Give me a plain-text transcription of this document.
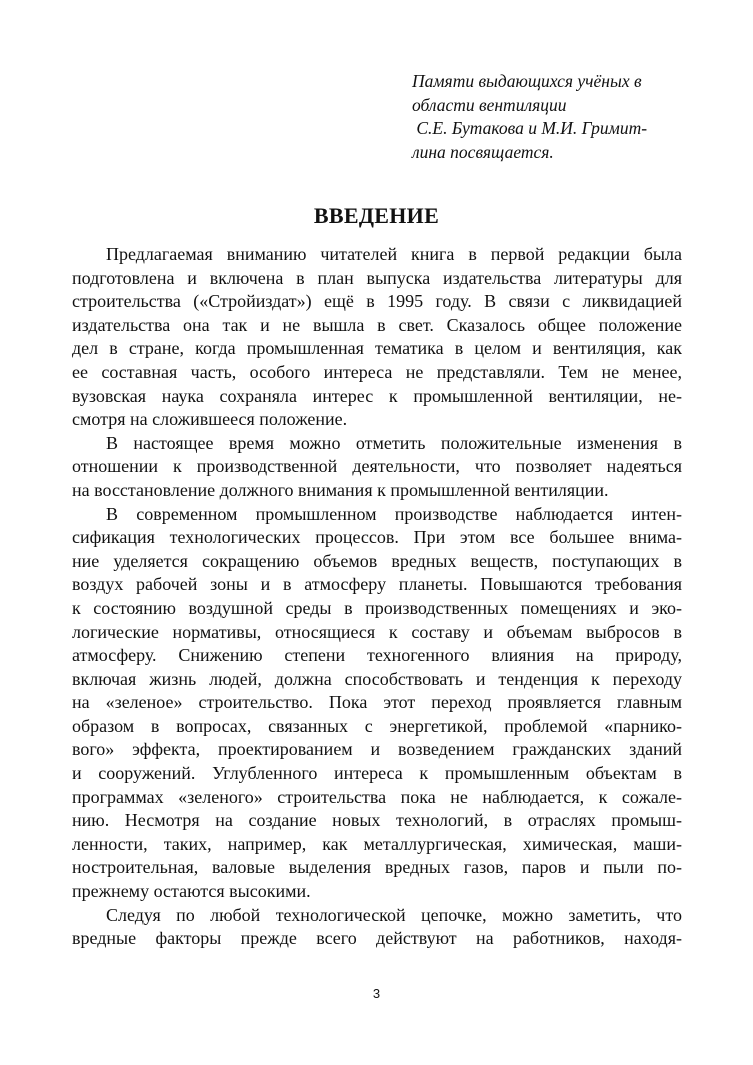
Памяти выдающихся учёных в
области вентиляции
С.Е. Бутакова и М.И. Гримит-
лина посвящается.
ВВЕДЕНИЕ
Предлагаемая вниманию читателей книга в первой редакции была
подготовлена и включена в план выпуска издательства литературы для
строительства («Стройиздат») ещё в 1995 году. В связи с ликвидацией
издательства она так и не вышла в свет. Сказалось общее положение
дел в стране, когда промышленная тематика в целом и вентиляция, как
ее составная часть, особого интереса не представляли. Тем не менее,
вузовская наука сохраняла интерес к промышленной вентиляции, не-
смотря на сложившееся положение.
В настоящее время можно отметить положительные изменения в
отношении к производственной деятельности, что позволяет надеяться
на восстановление должного внимания к промышленной вентиляции.
В современном промышленном производстве наблюдается интен-
сификация технологических процессов. При этом все большее внима-
ние уделяется сокращению объемов вредных веществ, поступающих в
воздух рабочей зоны и в атмосферу планеты. Повышаются требования
к состоянию воздушной среды в производственных помещениях и эко-
логические нормативы, относящиеся к составу и объемам выбросов в
атмосферу. Снижению степени техногенного влияния на природу,
включая жизнь людей, должна способствовать и тенденция к переходу
на «зеленое» строительство. Пока этот переход проявляется главным
образом в вопросах, связанных с энергетикой, проблемой «парнико-
вого» эффекта, проектированием и возведением гражданских зданий
и сооружений. Углубленного интереса к промышленным объектам в
программах «зеленого» строительства пока не наблюдается, к сожале-
нию. Несмотря на создание новых технологий, в отраслях промыш-
ленности, таких, например, как металлургическая, химическая, маши-
ностроительная, валовые выделения вредных газов, паров и пыли по-
прежнему остаются высокими.
Следуя по любой технологической цепочке, можно заметить, что
вредные факторы прежде всего действуют на работников, находя-
3
